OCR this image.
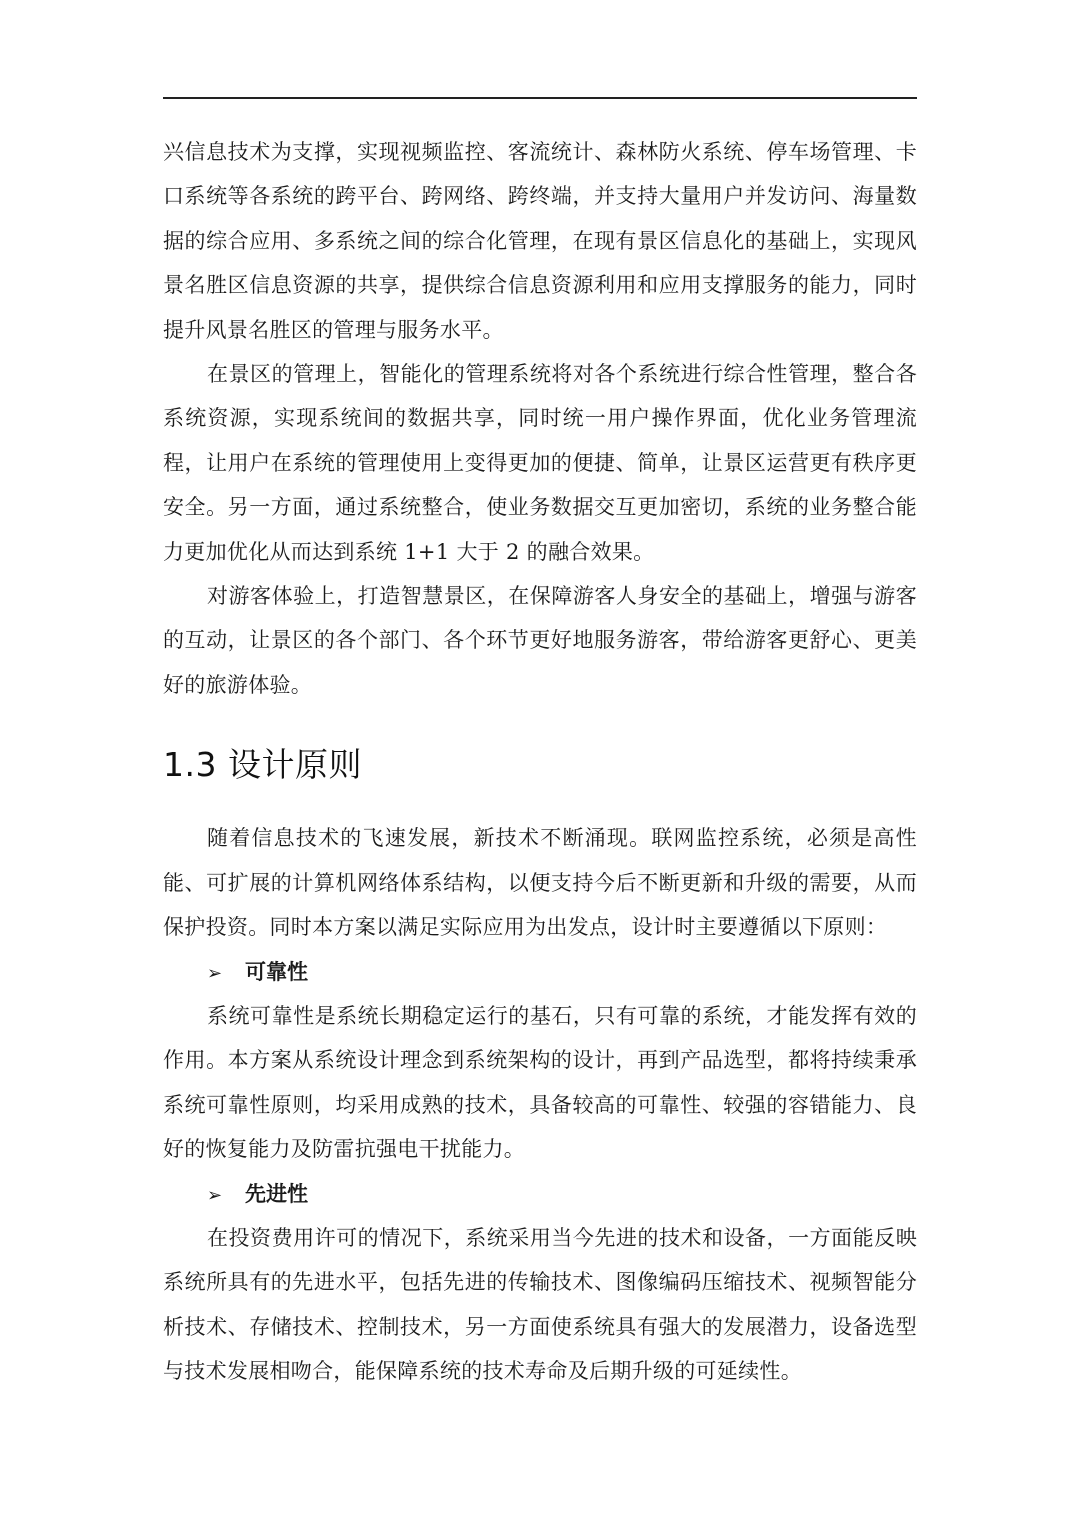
兴信息技术为支撑，实现视频监控、客流统计、森林防火系统、停车场管理、卡口系统等各系统的跨平台、跨网络、跨终端，并支持大量用户并发访问、海量数据的综合应用、多系统之间的综合化管理，在现有景区信息化的基础上，实现风景名胜区信息资源的共享，提供综合信息资源利用和应用支撑服务的能力，同时提升风景名胜区的管理与服务水平。

在景区的管理上，智能化的管理系统将对各个系统进行综合性管理，整合各系统资源，实现系统间的数据共享，同时统一用户操作界面，优化业务管理流程，让用户在系统的管理使用上变得更加的便捷、简单，让景区运营更有秩序更安全。另一方面，通过系统整合，使业务数据交互更加密切，系统的业务整合能力更加优化从而达到系统 1+1 大于 2 的融合效果。

对游客体验上，打造智慧景区，在保障游客人身安全的基础上，增强与游客的互动，让景区的各个部门、各个环节更好地服务游客，带给游客更舒心、更美好的旅游体验。

1.3 设计原则

随着信息技术的飞速发展，新技术不断涌现。联网监控系统，必须是高性能、可扩展的计算机网络体系结构，以便支持今后不断更新和升级的需要，从而保护投资。同时本方案以满足实际应用为出发点，设计时主要遵循以下原则：

➢ 可靠性

系统可靠性是系统长期稳定运行的基石，只有可靠的系统，才能发挥有效的作用。本方案从系统设计理念到系统架构的设计，再到产品选型，都将持续秉承系统可靠性原则，均采用成熟的技术，具备较高的可靠性、较强的容错能力、良好的恢复能力及防雷抗强电干扰能力。

➢ 先进性

在投资费用许可的情况下，系统采用当今先进的技术和设备，一方面能反映系统所具有的先进水平，包括先进的传输技术、图像编码压缩技术、视频智能分析技术、存储技术、控制技术，另一方面使系统具有强大的发展潜力，设备选型与技术发展相吻合，能保障系统的技术寿命及后期升级的可延续性。
